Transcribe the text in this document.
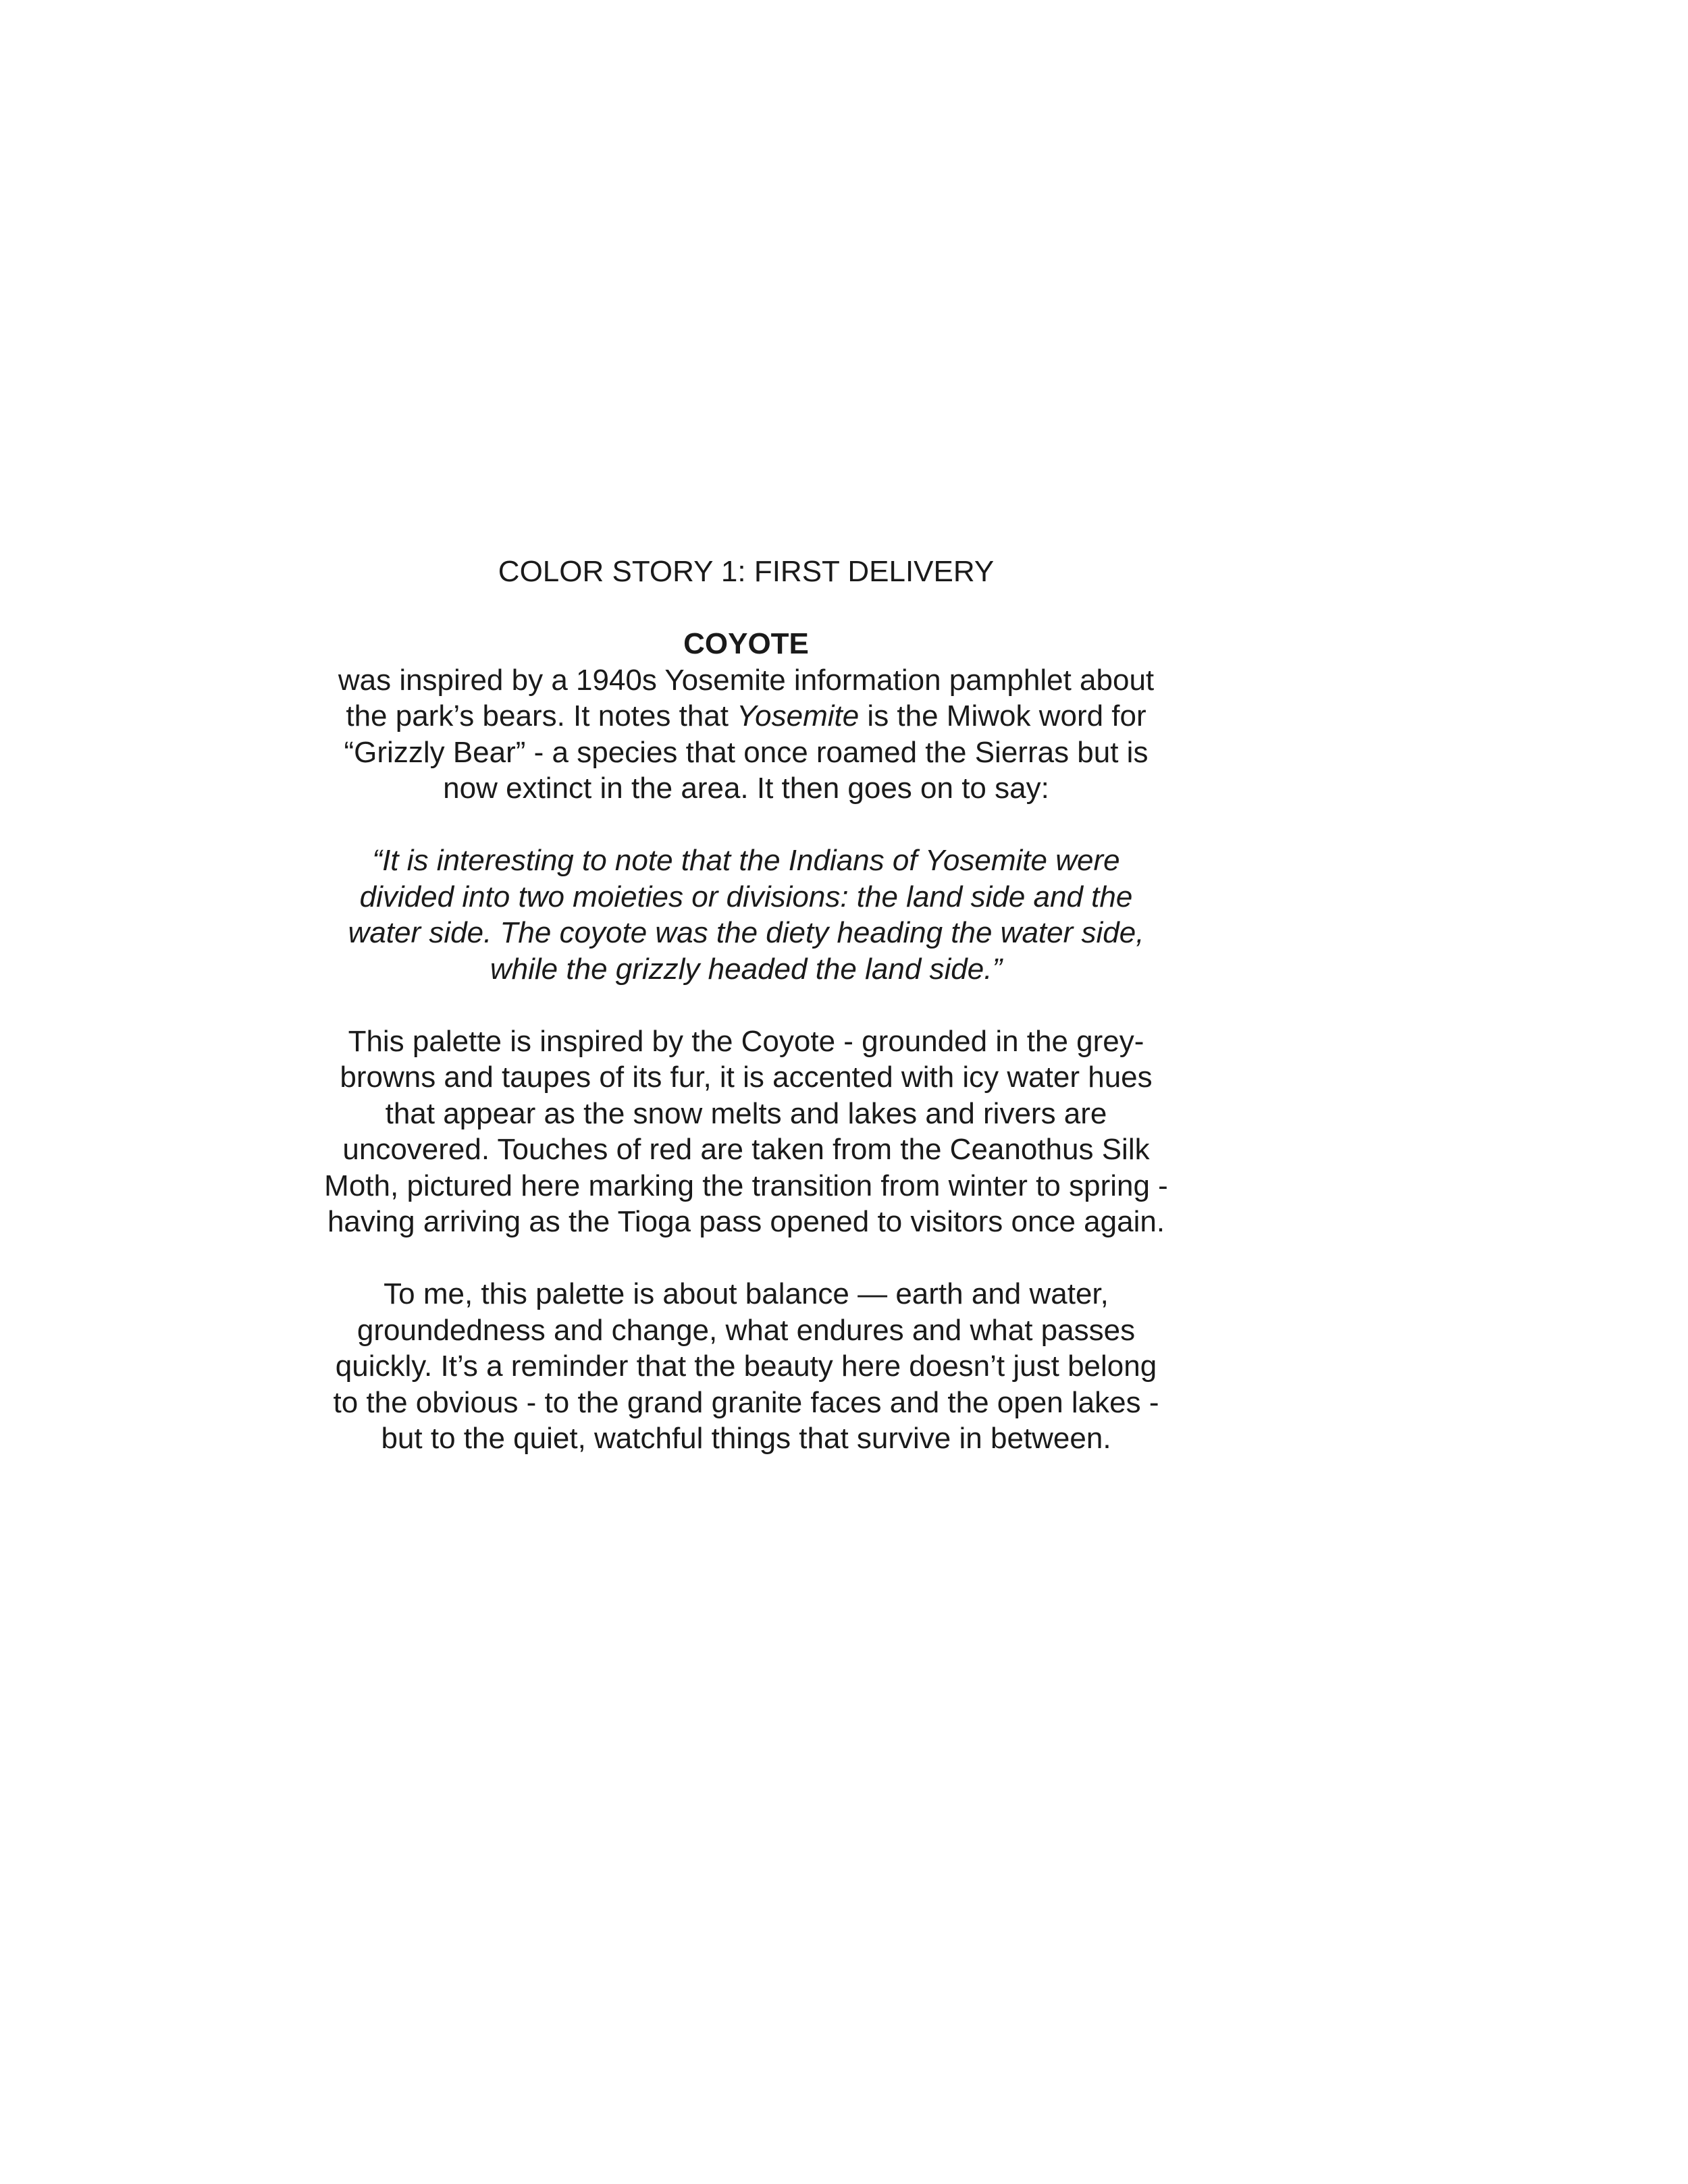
COLOR STORY 1: FIRST DELIVERY
COYOTE

was inspired by a 1940s Yosemite information pamphlet about the park’s bears. It notes that Yosemite is the Miwok word for “Grizzly Bear” - a species that once roamed the Sierras but is now extinct in the area. It then goes on to say:

“It is interesting to note that the Indians of Yosemite were divided into two moieties or divisions: the land side and the water side. The coyote was the diety heading the water side, while the grizzly headed the land side.”

This palette is inspired by the Coyote - grounded in the grey-browns and taupes of its fur, it is accented with icy water hues that appear as the snow melts and lakes and rivers are uncovered. Touches of red are taken from the Ceanothus Silk Moth, pictured here marking the transition from winter to spring - having arriving as the Tioga pass opened to visitors once again.

To me, this palette is about balance — earth and water, groundedness and change, what endures and what passes quickly. It’s a reminder that the beauty here doesn’t just belong to the obvious - to the grand granite faces and the open lakes - but to the quiet, watchful things that survive in between.
